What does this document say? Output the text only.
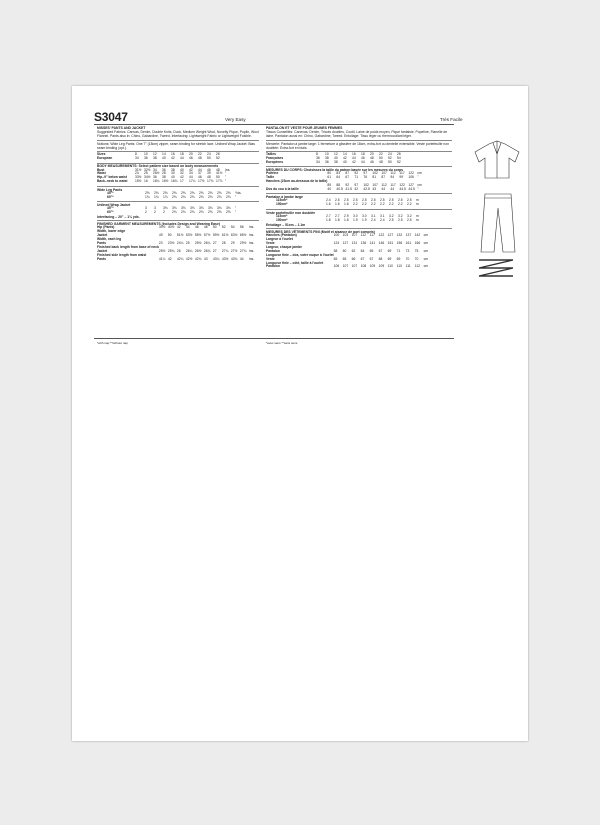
S3047	Very Easy	Très Facile
MISSES' PANTS AND JACKET
Suggested Fabrics: Canvas, Denim, Double Knits, Duck, Medium Weight Wool, Novelty Pique, Poplin, Wool Flannel. Pants also in: Chino, Gabardine, Tweed. Interfacing: Lightweight Fabric or Lightweight Fusible.
Notions: Wide Leg Pants: One 7" (18cm) zipper, seam binding for stretch lace. Unlined Wrap Jacket: Bias seam binding (opt.).
Sizes	8	10	12	14	16	18	20	22	24	26
European	34	36	38	40	42	44	46	48	50	52
BODY MEASUREMENTS: Select pattern size based on body measurements
Bust	31½	32½	34	36	38	40	42	44	46	48	Ins.
Waist	24	25	26½	28	30	32	34	37	39	41½	"
Hip–9" below waist	33½	34½	36	38	40	42	44	46	48	50	"
Back–neck to waist	15½	16	16¼	16½	16¾	17	17¼	17½	17¾	17⅞	"
Wide Leg Pants
45"*	2⅝	2⅝	2⅝	2⅝	2⅝	2⅝	2⅝	2⅝	2⅝	2⅝	Yds.
60"*	1¾	1¾	1⅞	2⅛	2⅛	2⅛	2⅛	2⅛	2⅛	2⅛	"
Unlined Wrap Jacket
45"*	3	3	3⅛	3⅛	3⅛	3⅛	3⅛	3⅛	3⅛	3⅛	"
60"*	2	2	2	2⅛	2⅛	2⅛	2⅛	2⅝	2⅝	2⅝	"
Interfacing – 20" – 1¼ yds.
FINISHED GARMENT MEASUREMENTS (Includes Design and Wearing Ease)
Hip (Pants)	39½	40½	42	44	46	48	50	52	54	56	Ins.
Width, lower edge											
Jacket	49	50	51½	53½	55½	57½	59½	61½	63½	65½	Ins.
Width, each leg											
Pants	23	23½	24¼	25	25½	26¼	27	28	29	29½	Ins.
Finished back length from base of neck											
Jacket	25½	25¾	26	26¼	26½	26¾	27	27¼	27½	27¾	Ins.
Finished side length from waist											
Pants	41¼	42	42¼	42½	42¾	43	43¼	43½	43¾	44	Ins.
PANTALON ET VESTE POUR JEUNES FEMMES
Tissus Conseillés: Canevas, Denim, Tricots doubles, Coutil, Laine de poids moyen, Piqué fantaisie, Popeline, Flanelle de laine. Pantalon aussi en: Chino, Gabardine, Tweed. Entoilage: Tissu léger ou thermocollant léger.
Mercerie: Pantalon à jambe large: 1 fermeture à glissière de 18cm, extra-fort ou dentelle extensible. Veste portefeuille non doublée: Extra-fort en biais.
Tailles	8	10	12	14	16	18	20	22	24	26
Françaises	36	38	40	42	44	46	48	50	52	54
Européens	34	36	38	40	42	44	46	48	50	52
MESURES DU CORPS: Choisissez la taille du patron basée sur les mesures du corps
Poitrine	80	83	87	92	97	102	107	112	117	122	cm
Taille	61	64	67	71	76	81	87	94	99	106	"
Hanches (23cm au-dessous de la taille)											
	85	88	92	97	102	107	112	117	122	127	cm
Dos du cou à la taille	40	40.5	41.5	42	42.5	43	44	44	44.5	44.5	"
Pantalon à jambe large
115cm*	2.4	2.5	2.5	2.5	2.5	2.5	2.5	2.5	2.5	2.5	m
150cm*	1.6	1.6	1.6	2.2	2.2	2.2	2.2	2.2	2.2	2.2	m
Veste portefeuille non doublée
115cm*	2.7	2.7	2.9	3.0	3.0	3.1	3.1	3.2	3.2	3.2	m
150cm*	1.8	1.8	1.8	1.9	1.9	2.4	2.4	2.5	2.5	2.5	m
Entoilage – 51cm – 1.1m
MESURES DES VÊTEMENTS FINI (Motif et aisance de port compris)
Hanches (Pantalon)	100	103	107	112	117	122	127	132	137	142	cm
Largeur à l'ourlet											
Veste	124	127	131	136	141	146	151	156	161	166	cm
Largeur, chaque jambe											
Pantalon	58	60	62	64	65	67	69	71	73	75	cm
Longueur finie – dos, votre nuque à l'ourlet											
Veste	65	65	66	67	67	68	69	69	70	70	cm
Longueur finie – côté, taille à l'ourlet											
Pantalon	106	107	107	108	109	109	110	110	111	112	cm
*with nap **without nap	*avec sens **sans sens
